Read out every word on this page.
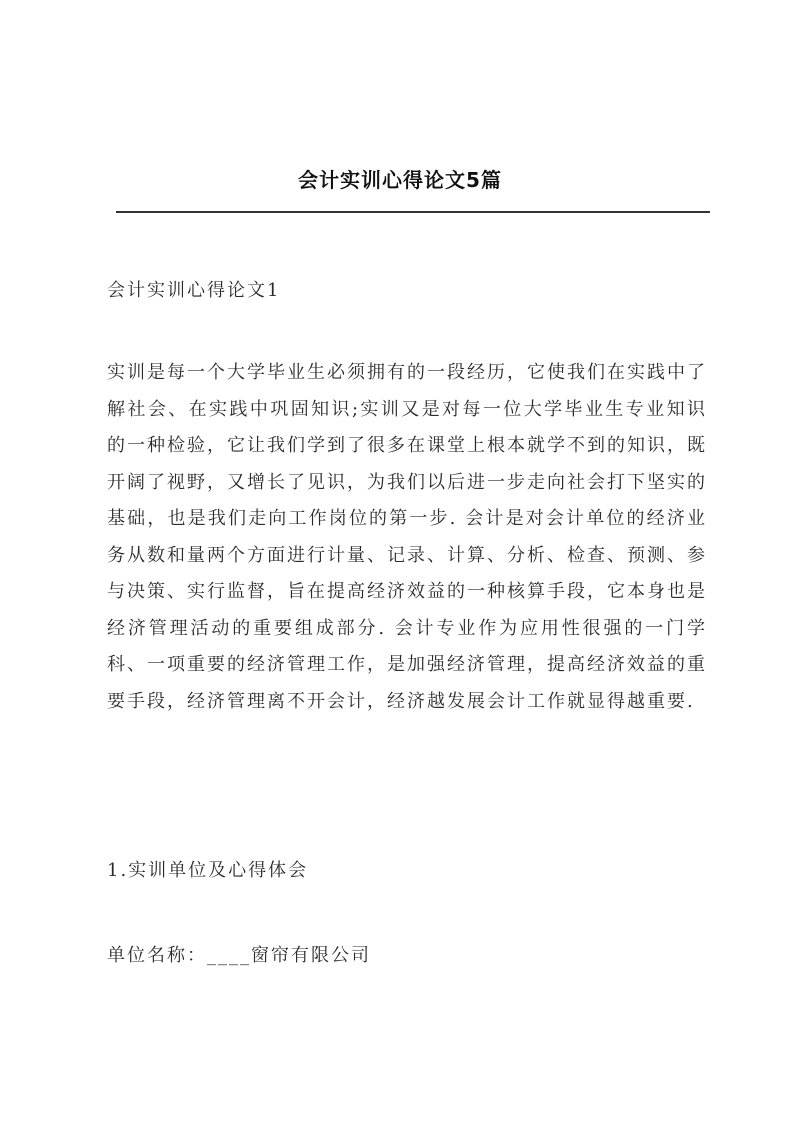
会计实训心得论文5篇
会计实训心得论文1
实训是每一个大学毕业生必须拥有的一段经历，它使我们在实践中了解社会、在实践中巩固知识;实训又是对每一位大学毕业生专业知识的一种检验，它让我们学到了很多在课堂上根本就学不到的知识，既开阔了视野，又增长了见识，为我们以后进一步走向社会打下坚实的基础，也是我们走向工作岗位的第一步. 会计是对会计单位的经济业务从数和量两个方面进行计量、记录、计算、分析、检查、预测、参与决策、实行监督，旨在提高经济效益的一种核算手段，它本身也是经济管理活动的重要组成部分. 会计专业作为应用性很强的一门学科、一项重要的经济管理工作，是加强经济管理，提高经济效益的重要手段，经济管理离不开会计，经济越发展会计工作就显得越重要.
1.实训单位及心得体会
单位名称：____窗帘有限公司
